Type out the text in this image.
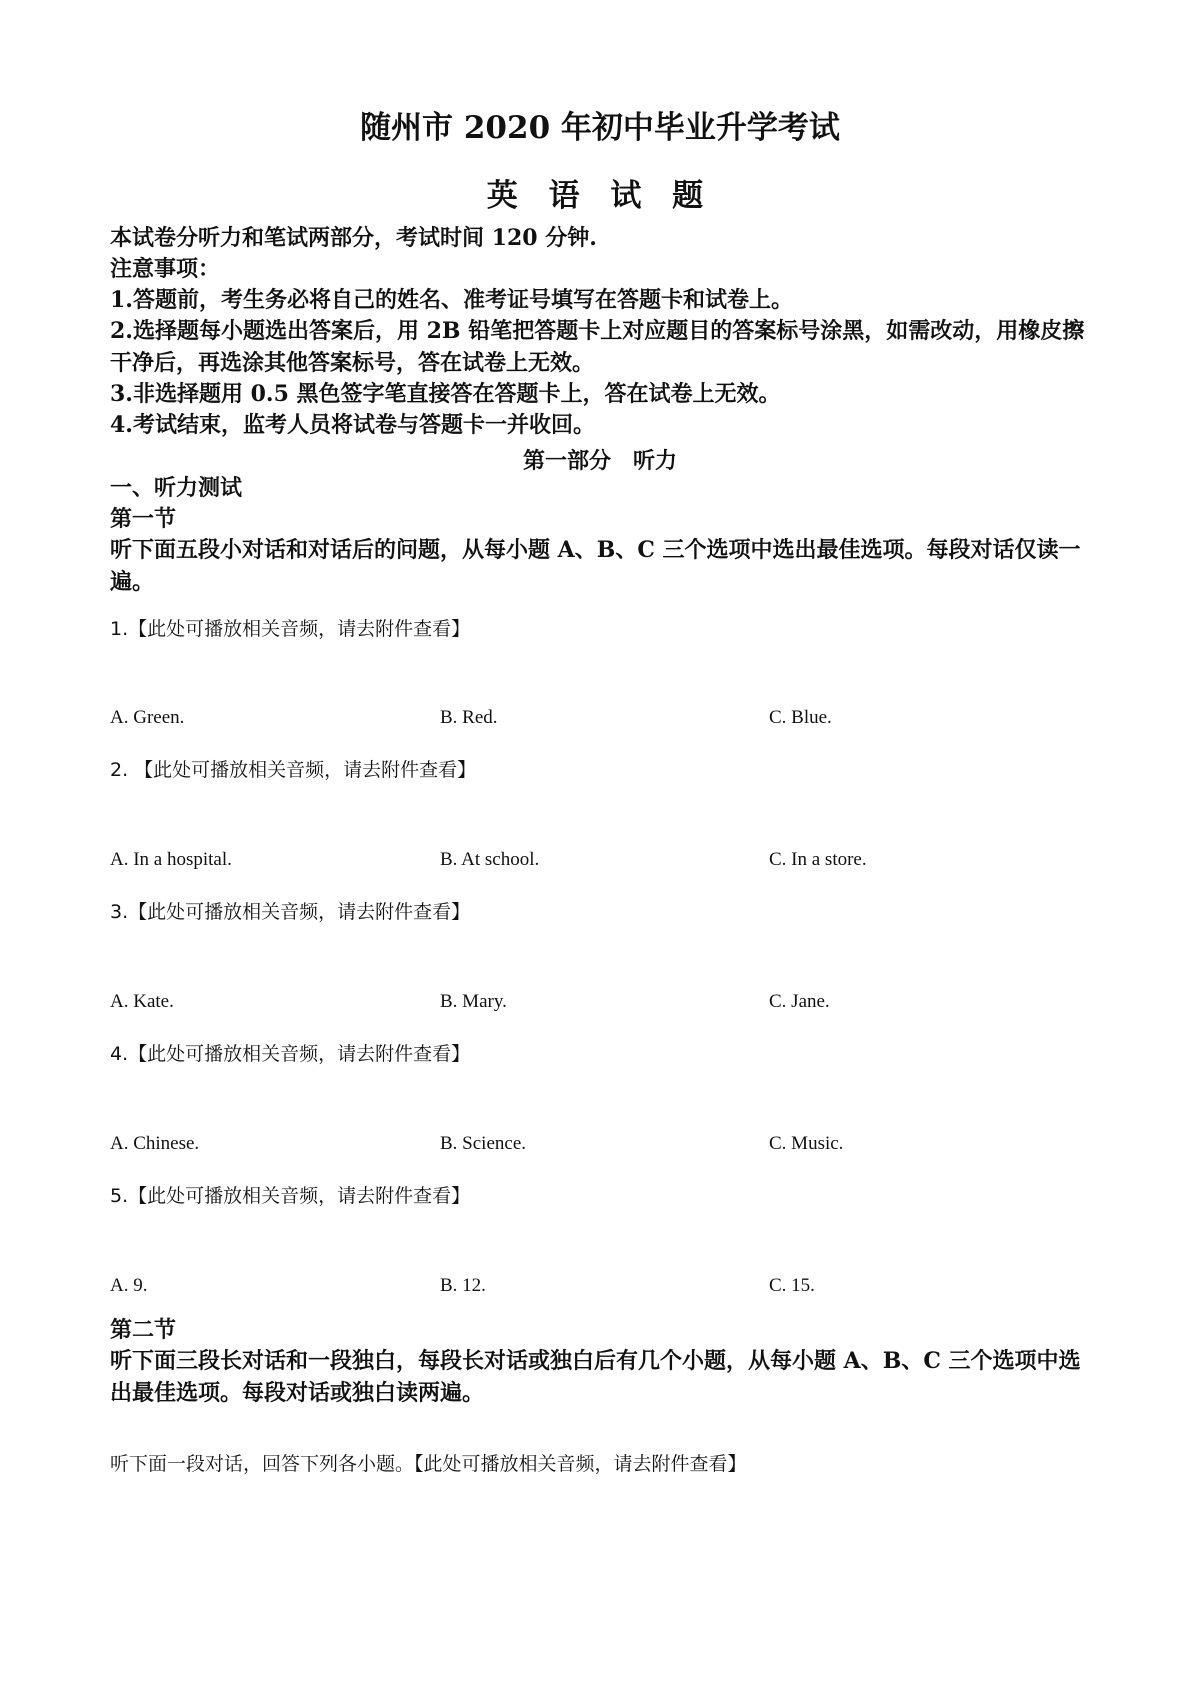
随州市 2020 年初中毕业升学考试
英 语 试 题
本试卷分听力和笔试两部分，考试时间 120 分钟.
注意事项：
1.答题前，考生务必将自己的姓名、准考证号填写在答题卡和试卷上。
2.选择题每小题选出答案后，用 2B 铅笔把答题卡上对应题目的答案标号涂黑，如需改动，用橡皮擦干净后，再选涂其他答案标号，答在试卷上无效。
3.非选择题用 0.5 黑色签字笔直接答在答题卡上，答在试卷上无效。
4.考试结束，监考人员将试卷与答题卡一并收回。
第一部分　听力
一、听力测试
第一节
听下面五段小对话和对话后的问题，从每小题 A、B、C 三个选项中选出最佳选项。每段对话仅读一遍。
1.【此处可播放相关音频，请去附件查看】
A. Green.	B. Red.	C. Blue.
2. 【此处可播放相关音频，请去附件查看】
A. In a hospital.	B. At school.	C. In a store.
3.【此处可播放相关音频，请去附件查看】
A. Kate.	B. Mary.	C. Jane.
4.【此处可播放相关音频，请去附件查看】
A. Chinese.	B. Science.	C. Music.
5.【此处可播放相关音频，请去附件查看】
A. 9.	B. 12.	C. 15.
第二节
听下面三段长对话和一段独白，每段长对话或独白后有几个小题，从每小题 A、B、C 三个选项中选出最佳选项。每段对话或独白读两遍。
听下面一段对话，回答下列各小题。【此处可播放相关音频，请去附件查看】
